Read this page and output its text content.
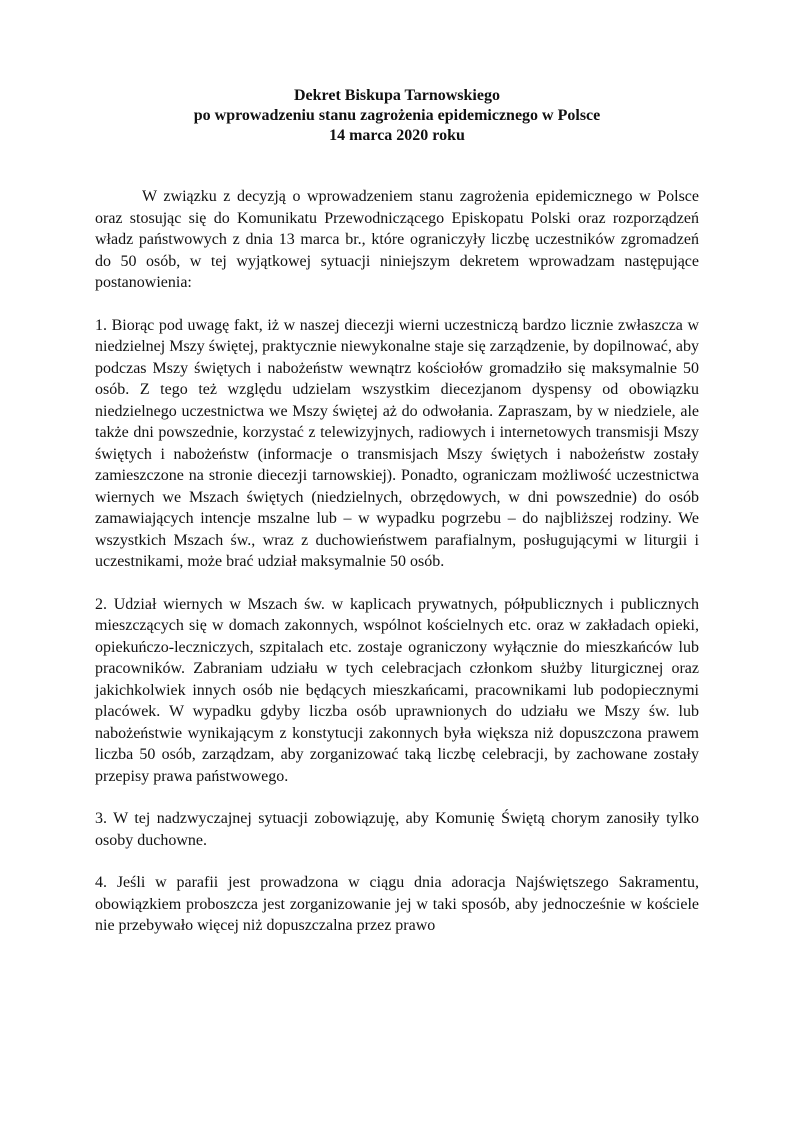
Dekret Biskupa Tarnowskiego
po wprowadzeniu stanu zagrożenia epidemicznego w Polsce
14 marca 2020 roku

W związku z decyzją o wprowadzeniem stanu zagrożenia epidemicznego w Polsce oraz stosując się do Komunikatu Przewodniczącego Episkopatu Polski oraz rozporządzeń władz państwowych z dnia 13 marca br., które ograniczyły liczbę uczestników zgromadzeń do 50 osób, w tej wyjątkowej sytuacji niniejszym dekretem wprowadzam następujące postanowienia:

1. Biorąc pod uwagę fakt, iż w naszej diecezji wierni uczestniczą bardzo licznie zwłaszcza w niedzielnej Mszy świętej, praktycznie niewykonalne staje się zarządzenie, by dopilnować, aby podczas Mszy świętych i nabożeństw wewnątrz kościołów gromadziło się maksymalnie 50 osób. Z tego też względu udzielam wszystkim diecezjanom dyspensy od obowiązku niedzielnego uczestnictwa we Mszy świętej aż do odwołania. Zapraszam, by w niedziele, ale także dni powszednie, korzystać z telewizyjnych, radiowych i internetowych transmisji Mszy świętych i nabożeństw (informacje o transmisjach Mszy świętych i nabożeństw zostały zamieszczone na stronie diecezji tarnowskiej). Ponadto, ograniczam możliwość uczestnictwa wiernych we Mszach świętych (niedzielnych, obrzędowych, w dni powszednie) do osób zamawiających intencje mszalne lub – w wypadku pogrzebu – do najbliższej rodziny. We wszystkich Mszach św., wraz z duchowieństwem parafialnym, posługującymi w liturgii i uczestnikami, może brać udział maksymalnie 50 osób.

2. Udział wiernych w Mszach św. w kaplicach prywatnych, półpublicznych i publicznych mieszczących się w domach zakonnych, wspólnot kościelnych etc. oraz w zakładach opieki, opiekuńczo-leczniczych, szpitalach etc. zostaje ograniczony wyłącznie do mieszkańców lub pracowników. Zabraniam udziału w tych celebracjach członkom służby liturgicznej oraz jakichkolwiek innych osób nie będących mieszkańcami, pracownikami lub podopiecznymi placówek. W wypadku gdyby liczba osób uprawnionych do udziału we Mszy św. lub nabożeństwie wynikającym z konstytucji zakonnych była większa niż dopuszczona prawem liczba 50 osób, zarządzam, aby zorganizować taką liczbę celebracji, by zachowane zostały przepisy prawa państwowego.

3. W tej nadzwyczajnej sytuacji zobowiązuję, aby Komunię Świętą chorym zanosiły tylko osoby duchowne.

4. Jeśli w parafii jest prowadzona w ciągu dnia adoracja Najświętszego Sakramentu, obowiązkiem proboszcza jest zorganizowanie jej w taki sposób, aby jednocześnie w kościele nie przebywało więcej niż dopuszczalna przez prawo
